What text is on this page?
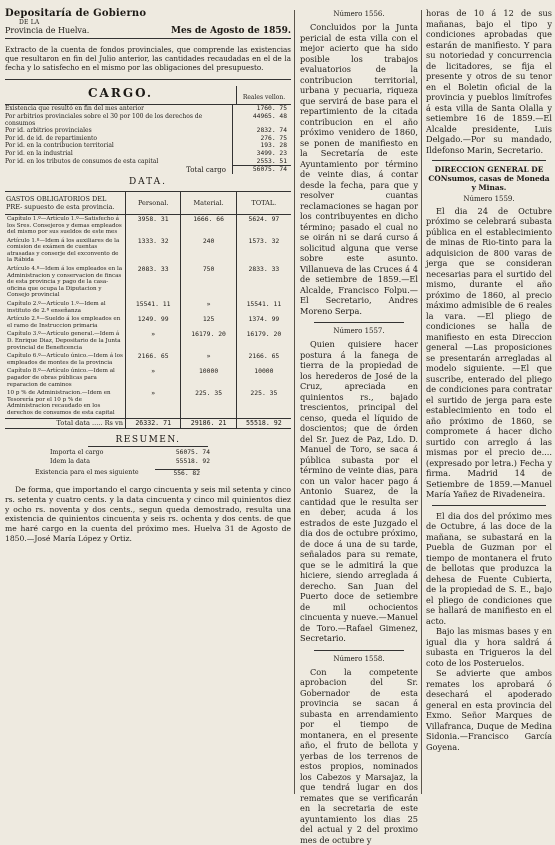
Depositaría de Gobierno
DE LA
Provincia de Huelva.	Mes de Agosto de 1859.
Extracto de la cuenta de fondos provinciales, que comprende las existencias que resultaron en fin del Julio anterior, las cantidades recaudadas en el de la fecha y lo satisfecho en el mismo por las obligaciones del presupuesto.
CARGO.	Reales vellon.
Existencia que resultó en fin del mes anterior	1760. 75
Por arbitrios provinciales sobre el 30 por 100 de los derechos de consumos	44965. 48
Por id. arbitrios provinciales	2832. 74
Por id. de id. de repartimiento	276. 75
Por id. en la contribucion territorial	193. 28
Por id. en la industrial	3499. 23
Por id. en los tributos de consumos de esta capital	2553. 51
Total cargo	56075. 74
DATA.
GASTOS OBLIGATORIOS DEL PRE- supuesto de esta provincia.	Personal.	Material.	TOTAL.
Capítulo 1.º—Artículo 1.º—Satisfecho á los Sres. Consejeros y demas empleados del mismo por sus sueldos de este mes	3958. 31	1666. 66	5624. 97
Artículo 1.º—Idem á los auxiliares de la comision de exámen de cuentas atrasadas y conserje del exconvento de la Rábida	1333. 32	240	1573. 32
Artículo 4.º—Idem á los empleados en la Administracion y conservacion de fincas de esta provincia y pago de la casa-oficina que ocupa la Diputacion y Consejo provincial	2083. 33	750	2833. 33
Capítulo 2.º—Artículo 1.º—Idem al instituto de 2.ª enseñanza	15541. 11	»	15541. 11
Artículo 2.º—Sueldo á los empleados en el ramo de Instruccion primaria	1249. 99	125	1374. 99
Capítulo 3.º—Artículo general.—Idem á D. Enrique Diaz, Depositario de la Junta provincial de Beneficencia	»	16179. 20	16179. 20
Capítulo 6.º—Artículo único.—Idem á los empleados de montes de la provincia	2166. 65	»	2166. 65
Capítulo 8.º—Artículo único.—Idem al pagador de obras públicas para reparacion de caminos	»	10000	10000
10 p % de Administracion.—Idem en Tesorería por el 10 p % de Administracion recaudado en los derechos de consumos de esta capital	»	225. 35	225. 35
Total data ..... Rs vn	26332. 71	29186. 21	55518. 92
RESUMEN.
Importa el cargo	56075. 74
Idem la data	55518. 92
Existencia para el mes siguiente	556. 82

De forma, que importando el cargo cincuenta y seis mil setenta y cinco rs. setenta y cuatro cents. y la data cincuenta y cinco mil quinientos diez y ocho rs. noventa y dos cents., segun queda demostrado, resulta una existencia de quinientos cincuenta y seis rs. ochenta y dos cents. de que me haré cargo en la cuenta del próximo mes. Huelva 31 de Agosto de 1850.—José María López y Ortiz.

Número 1556.

Concluidos por la Junta pericial de esta villa con el mejor acierto que ha sido posible los trabajos evaluatorios de la contribucion territorial, urbana y pecuaria, riqueza que servirá de base para el repartimiento de la citada contribucion en el año próximo venidero de 1860, se ponen de manifiesto en la Secretaría de este Ayuntamiento por término de veinte dias, á contar desde la fecha, para que y resolver cuantas reclamaciones se hagan por los contribuyentes en dicho término; pasado el cual no se oirán ni se dará curso á solicitud alguna que verse sobre este asunto. Villanueva de las Cruces á 4 de setiembre de 1859.—El Alcalde, Francisco Folpu.—El Secretario, Andres Moreno Serpa.

Número 1557.

Quien quisiere hacer postura á la fanega de tierra de la propiedad de los herederos de José de la Cruz, apreciada en quinientos rs., bajado trescientos, principal del censo, queda el líquido de doscientos; que de órden del Sr. Juez de Paz, Ldo. D. Manuel de Toro, se saca á pública subasta por el término de veinte dias, para con un valor hacer pago á Antonio Suarez, de la cantidad que le resulta ser en deber, acuda á los estrados de este Juzgado el dia dos de octubre próximo, de doce á una de su tarde, señalados para su remate, que se le admitirá la que hiciere, siendo arreglada á derecho. San Juan del Puerto doce de setiembre de mil ochocientos cincuenta y nueve.—Manuel de Toro.—Rafael Gimenez, Secretario.

Número 1558.

Con la competente aprobacion del Sr. Gobernador de esta provincia se sacan á subasta en arrendamiento por el tiempo de montanera, en el presente año, el fruto de bellota y yerbas de los terrenos de estos propios, nominados los Cabezos y Marsajaz, la que tendrá lugar en dos remates que se verificarán en la secretaria de este ayuntamiento los dias 25 del actual y 2 del proximo mes de octubre y

horas de 10 á 12 de sus mañanas, bajo el tipo y condiciones aprobadas que estarán de manifiesto. Y para su notoriedad y concurrencia de licitadores, se fija el presente y otros de su tenor en el Boletin oficial de la provincia y pueblos limítrofes á esta villa de Santa Olalla y setiembre 16 de 1859.—El Alcalde presidente, Luis Delgado.—Por su mandado, Ildefonso Marin, Secretario.

DIRECCION GENERAL DE CONsumos, casas de Moneda y Minas.
Número 1559.

El dia 24 de Octubre próximo se celebrará subasta pública en el establecimiento de minas de Rio-tinto para la adquisicion de 800 varas de jerga que se consideran necesarias para el surtido del mismo, durante el año próximo de 1860, al precio máximo admisible de 6 reales la vara. —El pliego de condiciones se halla de manifiesto en esta Direccion general —Las proposiciones se presentarán arregladas al modelo siguiente. —El que suscribe, enterado del pliego de condiciones para contratar el surtido de jerga para este establecimiento en todo el año próximo de 1860, se compromete á hacer dicho surtido con arreglo á las mismas por el precio de.... (expresado por letra.) Fecha y firma. Madrid 14 de Setiembre de 1859.—Manuel María Yañez de Rivadeneira.

El dia dos del próximo mes de Octubre, á las doce de la mañana, se subastará en la Puebla de Guzman por el tiempo de montanera el fruto de bellotas que produzca la dehesa de Fuente Cubierta, de la propiedad de S. E., bajo el pliego de condiciones que se hallará de manifiesto en el acto.

Bajo las mismas bases y en igual dia y hora saldrá á subasta en Trigueros la del coto de los Posteruelos.

Se advierte que ambos remates los aprobará ó desechará el apoderado general en esta provincia del Exmo. Señor Marques de Villafranca, Duque de Medina Sidonia.—Francisco García Goyena.
